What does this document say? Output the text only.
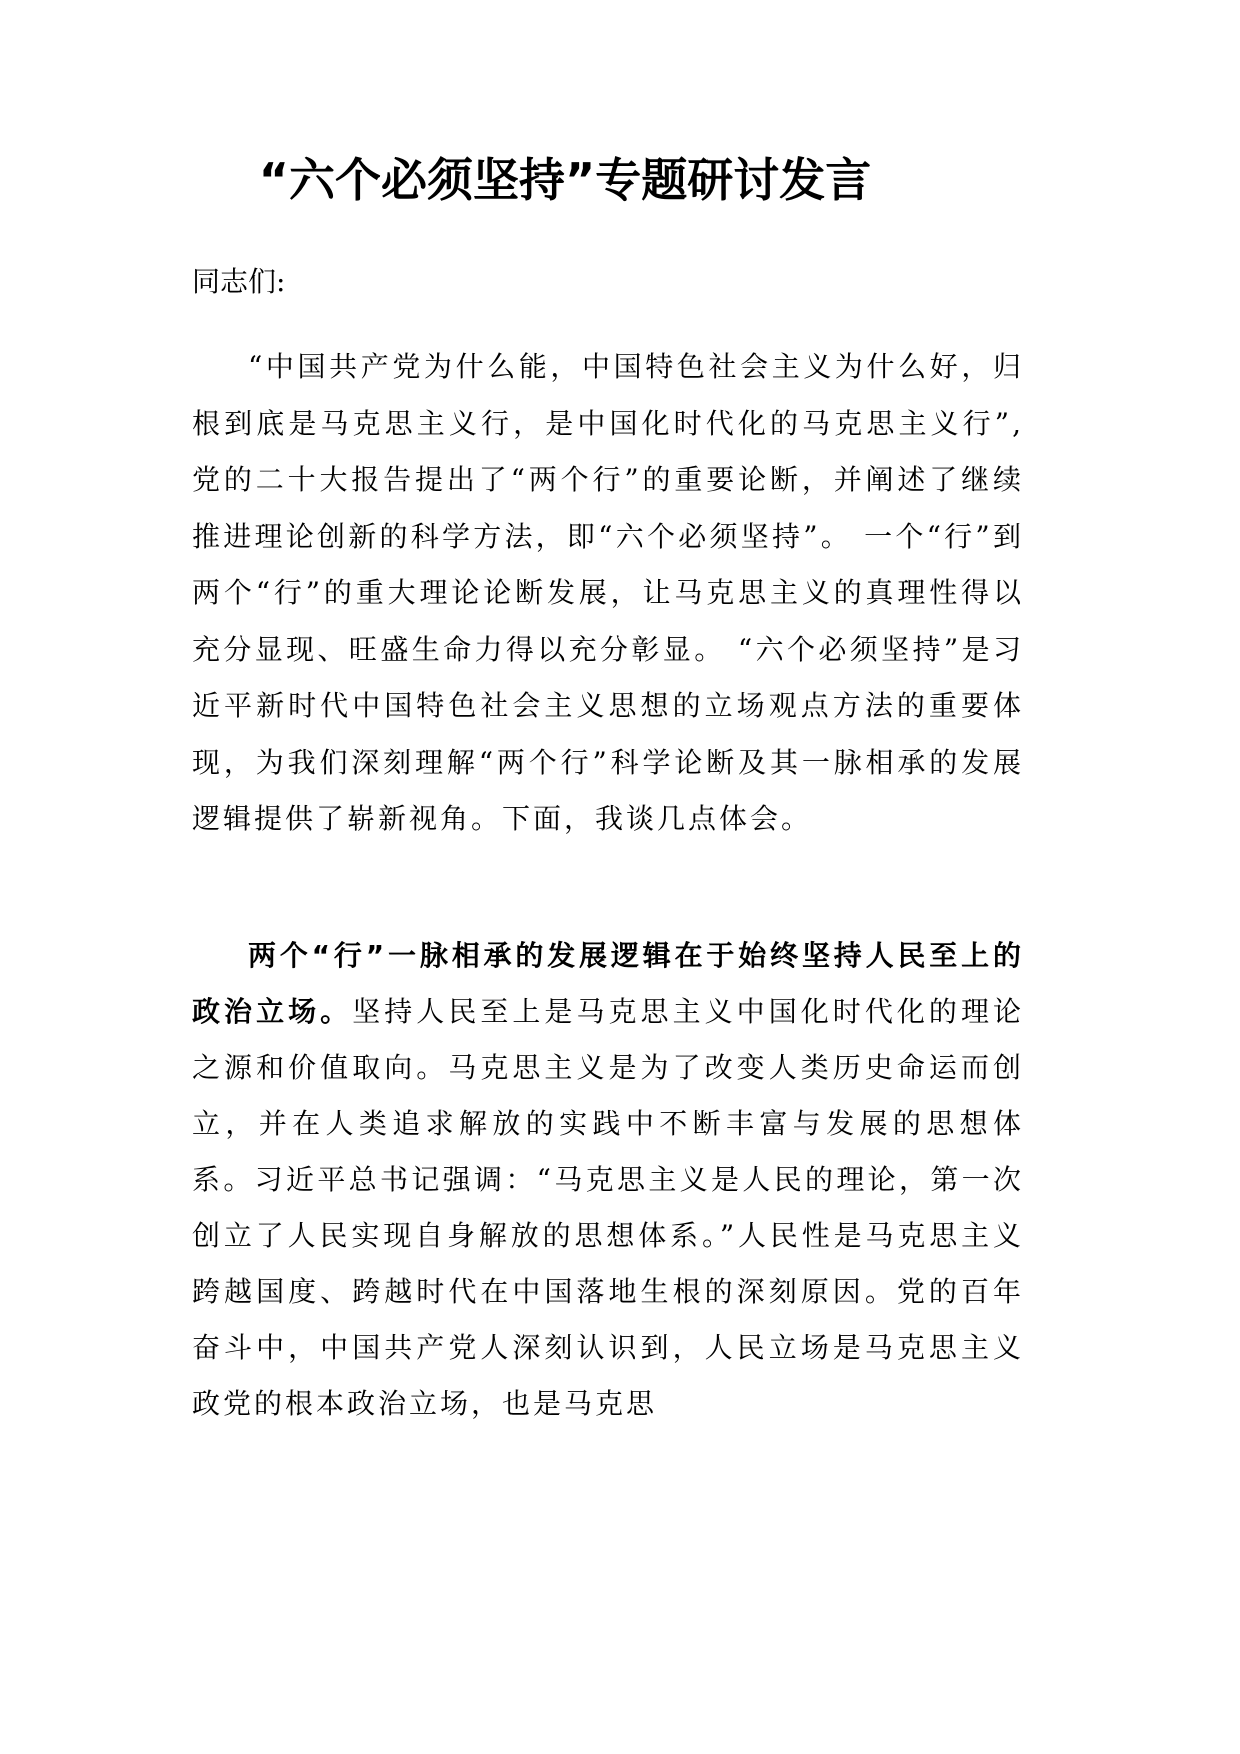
“六个必须坚持”专题研讨发言
同志们:

“中国共产党为什么能，中国特色社会主义为什么好，归根到底是马克思主义行，是中国化时代化的马克思主义行”,党的二十大报告提出了“两个行”的重要论断，并阐述了继续推进理论创新的科学方法，即“六个必须坚持”。 一个“行”到两个“行”的重大理论论断发展，让马克思主义的真理性得以充分显现、旺盛生命力得以充分彰显。 “六个必须坚持”是习近平新时代中国特色社会主义思想的立场观点方法的重要体现，为我们深刻理解“两个行”科学论断及其一脉相承的发展逻辑提供了崭新视角。下面，我谈几点体会。

两个“行”一脉相承的发展逻辑在于始终坚持人民至上的政治立场。坚持人民至上是马克思主义中国化时代化的理论之源和价值取向。马克思主义是为了改变人类历史命运而创立，并在人类追求解放的实践中不断丰富与发展的思想体系。习近平总书记强调：“马克思主义是人民的理论，第一次创立了人民实现自身解放的思想体系。”人民性是马克思主义跨越国度、跨越时代在中国落地生根的深刻原因。党的百年奋斗中，中国共产党人深刻认识到，人民立场是马克思主义政党的根本政治立场，也是马克思
